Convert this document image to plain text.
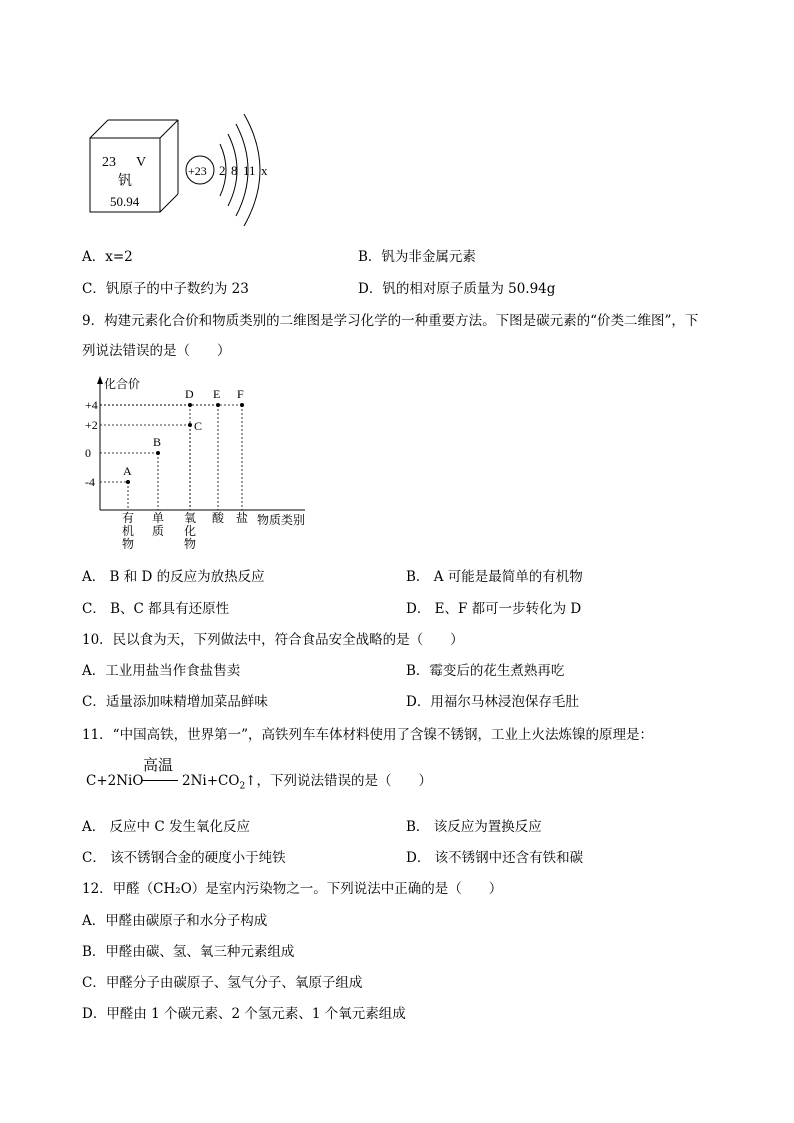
23 V
钒
50.94
+23 2 8 11 x
A．x=2	B．钒为非金属元素
C．钒原子的中子数约为 23	D．钒的相对原子质量为 50.94g
9．构建元素化合价和物质类别的二维图是学习化学的一种重要方法。下图是碳元素的“价类二维图”，下
列说法错误的是（　　）
化合价
物质类别
+4
+2
0
-4
有
机
物
单
质
氧
化
物
酸 盐
A
B
C
D E F
A． B 和 D 的反应为放热反应	B． A 可能是最简单的有机物
C． B、C 都具有还原性	D． E、F 都可一步转化为 D
10．民以食为天，下列做法中，符合食品安全战略的是（　　）
A．工业用盐当作食盐售卖	B．霉变后的花生煮熟再吃
C．适量添加味精增加菜品鲜味	D．用福尔马林浸泡保存毛肚
11．“中国高铁，世界第一”，高铁列车车体材料使用了含镍不锈钢，工业上火法炼镍的原理是：
C+2NiO
高温
$2Ni+CO_2↑$，下列说法错误的是（　　）
A． 反应中 C 发生氧化反应	B． 该反应为置换反应
C． 该不锈钢合金的硬度小于纯铁	D． 该不锈钢中还含有铁和碳
12．甲醛（CH₂O）是室内污染物之一。下列说法中正确的是（　　）
A．甲醛由碳原子和水分子构成
B．甲醛由碳、氢、氧三种元素组成
C．甲醛分子由碳原子、氢气分子、氧原子组成
D．甲醛由 1 个碳元素、2 个氢元素、1 个氧元素组成
